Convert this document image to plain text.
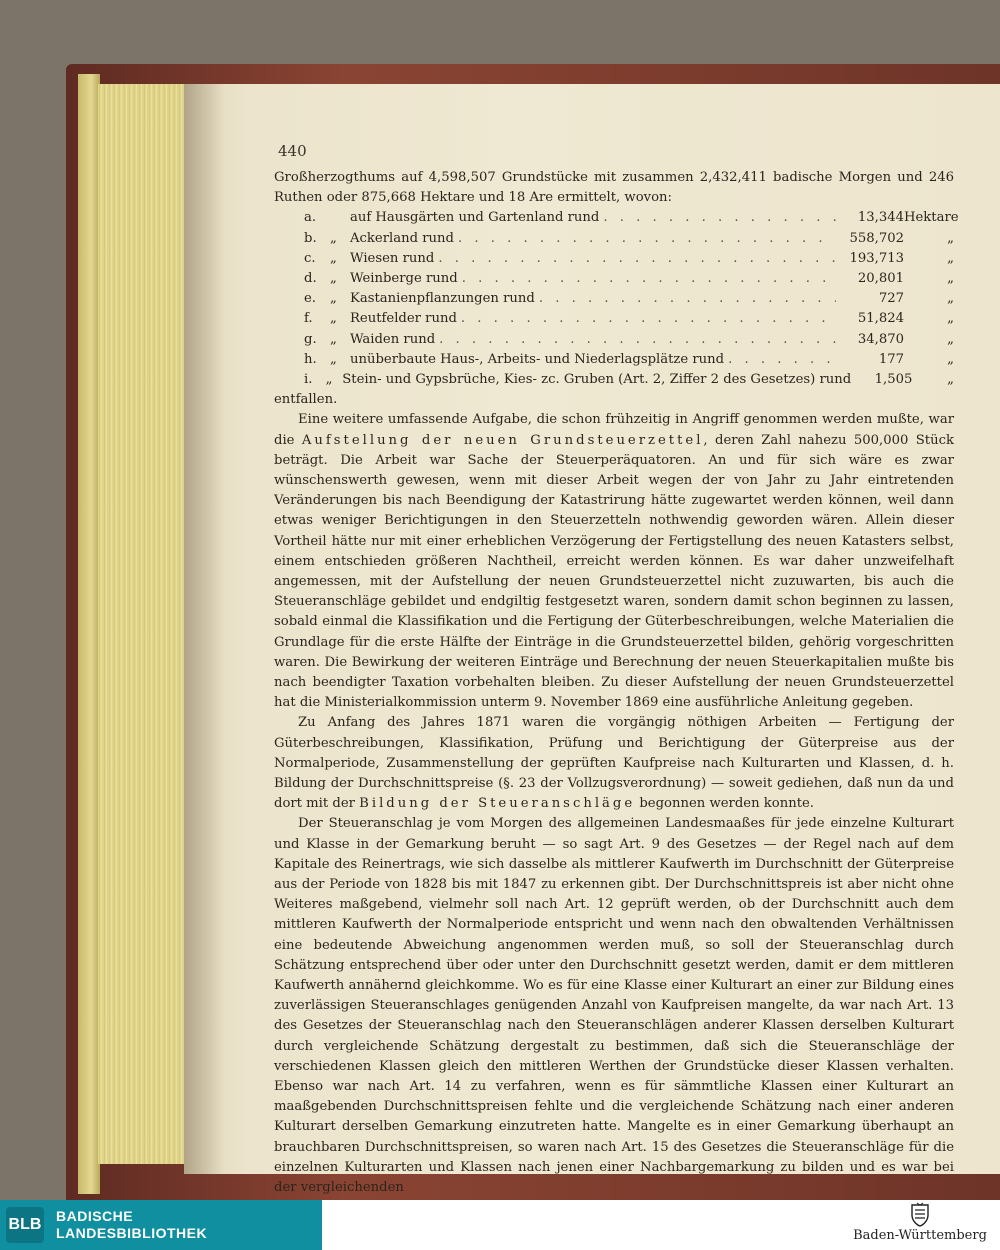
440

Großherzogthums auf 4,598,507 Grundstücke mit zusammen 2,432,411 badische Morgen und 246 Ruthen oder 875,668 Hektare und 18 Are ermittelt, wovon:

a.	auf Hausgärten und Gartenland rund . . .	13,344 Hektare
b.	„ Ackerland rund . . .	558,702	„
c.	„ Wiesen rund . . .	193,713	„
d.	„ Weinberge rund . . .	20,801	„
e.	„ Kastanienpflanzungen rund . . .	727	„
f.	„ Reutfelder rund . . .	51,824	„
g.	„ Waiden rund . . .	34,870	„
h.	„ unüberbaute Haus-, Arbeits- und Niederlagsplätze rund . . .	177	„
i.	„ Stein- und Gypsbrüche, Kies- zc. Gruben (Art. 2, Ziffer 2 des Gesetzes) rund	1,505	„

entfallen.

Eine weitere umfassende Aufgabe, die schon frühzeitig in Angriff genommen werden mußte, war die Aufstellung der neuen Grundsteuerzettel, deren Zahl nahezu 500,000 Stück beträgt. Die Arbeit war Sache der Steuerperäquatoren. An und für sich wäre es zwar wünschenswerth gewesen, wenn mit dieser Arbeit wegen der von Jahr zu Jahr eintretenden Veränderungen bis nach Beendigung der Katastrirung hätte zugewartet werden können, weil dann etwas weniger Berichtigungen in den Steuerzetteln nothwendig geworden wären. Allein dieser Vortheil hätte nur mit einer erheblichen Verzögerung der Fertigstellung des neuen Katasters selbst, einem entschieden größeren Nachtheil, erreicht werden können. Es war daher unzweifelhaft angemessen, mit der Aufstellung der neuen Grundsteuerzettel nicht zuzuwarten, bis auch die Steueranschläge gebildet und endgiltig festgesetzt waren, sondern damit schon beginnen zu lassen, sobald einmal die Klassifikation und die Fertigung der Güterbeschreibungen, welche Materialien die Grundlage für die erste Hälfte der Einträge in die Grundsteuerzettel bilden, gehörig vorgeschritten waren. Die Bewirkung der weiteren Einträge und Berechnung der neuen Steuerkapitalien mußte bis nach beendigter Taxation vorbehalten bleiben. Zu dieser Aufstellung der neuen Grundsteuerzettel hat die Ministerialkommission unterm 9. November 1869 eine ausführliche Anleitung gegeben.

Zu Anfang des Jahres 1871 waren die vorgängig nöthigen Arbeiten — Fertigung der Güterbeschreibungen, Klassifikation, Prüfung und Berichtigung der Güterpreise aus der Normalperiode, Zusammenstellung der geprüften Kaufpreise nach Kulturarten und Klassen, d. h. Bildung der Durchschnittspreise (§. 23 der Vollzugsverordnung) — soweit gediehen, daß nun da und dort mit der Bildung der Steueranschläge begonnen werden konnte.

Der Steueranschlag je vom Morgen des allgemeinen Landesmaaßes für jede einzelne Kulturart und Klasse in der Gemarkung beruht — so sagt Art. 9 des Gesetzes — der Regel nach auf dem Kapitale des Reinertrags, wie sich dasselbe als mittlerer Kaufwerth im Durchschnitt der Güterpreise aus der Periode von 1828 bis mit 1847 zu erkennen gibt. Der Durchschnittspreis ist aber nicht ohne Weiteres maßgebend, vielmehr soll nach Art. 12 geprüft werden, ob der Durchschnitt auch dem mittleren Kaufwerth der Normalperiode entspricht und wenn nach den obwaltenden Verhältnissen eine bedeutende Abweichung angenommen werden muß, so soll der Steueranschlag durch Schätzung entsprechend über oder unter den Durchschnitt gesetzt werden, damit er dem mittleren Kaufwerth annähernd gleichkomme. Wo es für eine Klasse einer Kulturart an einer zur Bildung eines zuverlässigen Steueranschlages genügenden Anzahl von Kaufpreisen mangelte, da war nach Art. 13 des Gesetzes der Steueranschlag nach den Steueranschlägen anderer Klassen derselben Kulturart durch vergleichende Schätzung dergestalt zu bestimmen, daß sich die Steueranschläge der verschiedenen Klassen gleich den mittleren Werthen der Grundstücke dieser Klassen verhalten. Ebenso war nach Art. 14 zu verfahren, wenn es für sämmtliche Klassen einer Kulturart an maaßgebenden Durchschnittspreisen fehlte und die vergleichende Schätzung nach einer anderen Kulturart derselben Gemarkung einzutreten hatte. Mangelte es in einer Gemarkung überhaupt an brauchbaren Durchschnittspreisen, so waren nach Art. 15 des Gesetzes die Steueranschläge für die einzelnen Kulturarten und Klassen nach jenen einer Nachbargemarkung zu bilden und es war bei der vergleichenden

BLB BADISCHE
LANDESBIBLIOTHEK	Baden-Württemberg
